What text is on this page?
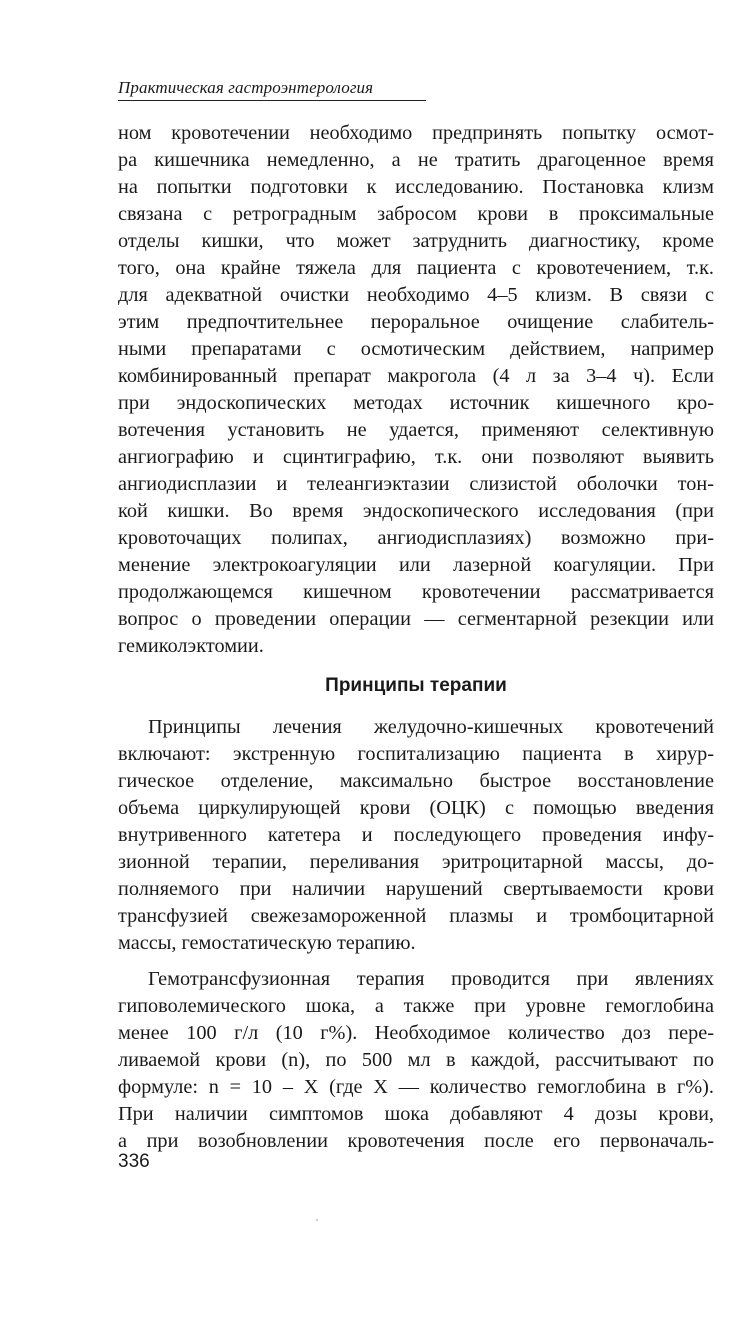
Практическая гастроэнтерология
ном кровотечении необходимо предпринять попытку осмот-
ра кишечника немедленно, а не тратить драгоценное время
на попытки подготовки к исследованию. Постановка клизм
связана с ретроградным забросом крови в проксимальные
отделы кишки, что может затруднить диагностику, кроме
того, она крайне тяжела для пациента с кровотечением, т.к.
для адекватной очистки необходимо 4–5 клизм. В связи с
этим предпочтительнее пероральное очищение слабитель-
ными препаратами с осмотическим действием, например
комбинированный препарат макрогола (4 л за 3–4 ч). Если
при эндоскопических методах источник кишечного кро-
вотечения установить не удается, применяют селективную
ангиографию и сцинтиграфию, т.к. они позволяют выявить
ангиодисплазии и телеангиэктазии слизистой оболочки тон-
кой кишки. Во время эндоскопического исследования (при
кровоточащих полипах, ангиодисплазиях) возможно при-
менение электрокоагуляции или лазерной коагуляции. При
продолжающемся кишечном кровотечении рассматривается
вопрос о проведении операции — сегментарной резекции или
гемиколэктомии.
Принципы терапии
Принципы лечения желудочно-кишечных кровотечений
включают: экстренную госпитализацию пациента в хирур-
гическое отделение, максимально быстрое восстановление
объема циркулирующей крови (ОЦК) с помощью введения
внутривенного катетера и последующего проведения инфу-
зионной терапии, переливания эритроцитарной массы, до-
полняемого при наличии нарушений свертываемости крови
трансфузией свежезамороженной плазмы и тромбоцитарной
массы, гемостатическую терапию.
Гемотрансфузионная терапия проводится при явлениях
гиповолемического шока, а также при уровне гемоглобина
менее 100 г/л (10 г%). Необходимое количество доз пере-
ливаемой крови (n), по 500 мл в каждой, рассчитывают по
формуле: n = 10 – X (где X — количество гемоглобина в г%).
При наличии симптомов шока добавляют 4 дозы крови,
а при возобновлении кровотечения после его первоначаль-
336
